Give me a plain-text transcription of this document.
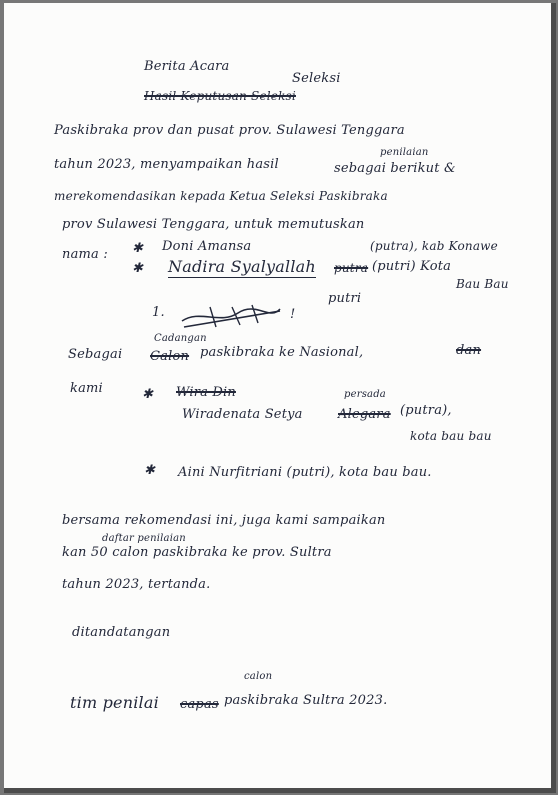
Berita Acara
Seleksi
Hasil Keputusan Seleksi
Paskibraka prov dan pusat prov. Sulawesi Tenggara
penilaian
tahun 2023, menyampaikan hasil	sebagai berikut &
merekomendasikan kepada Ketua Seleksi Paskibraka
prov Sulawesi Tenggara, untuk memutuskan
nama : ✱ Doni Amansa	(putra), kab Konawe
✱ Nadira Syalyallah putra (putri) Kota
Bau Bau
1.	!
putri
Cadangan
Sebagai Calon paskibraka ke Nasional,	dan
kami	✱ Wira Din	persada
Wiradenata Setya	Alegara (putra),
kota bau bau
✱ Aini Nurfitriani (putri), kota bau bau.
bersama rekomendasi ini, juga kami sampaikan
daftar penilaian
kan 50 calon paskibraka ke prov. Sultra
tahun 2023, tertanda.
ditandatangan
calon
tim penilai capas paskibraka Sultra 2023.
